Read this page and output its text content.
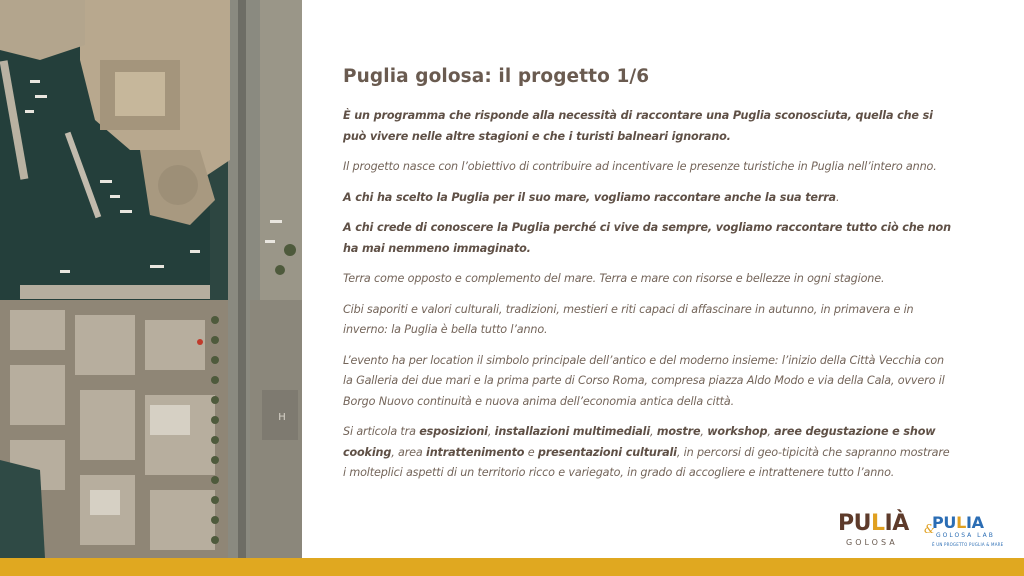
H
Puglia golosa: il progetto 1/6

È un programma che risponde alla necessità di raccontare una Puglia sconosciuta, quella che si può vivere nelle altre stagioni e che i turisti balneari ignorano.

Il progetto nasce con l’obiettivo di contribuire ad incentivare le presenze turistiche in Puglia nell’intero anno.

A chi ha scelto la Puglia per il suo mare, vogliamo raccontare anche la sua terra.

A chi crede di conoscere la Puglia perché ci vive da sempre, vogliamo raccontare tutto ciò che non ha mai nemmeno immaginato.

Terra come opposto e complemento del mare. Terra e mare con risorse e bellezze in ogni stagione.

Cibi saporiti e valori culturali, tradizioni, mestieri e riti capaci di affascinare in autunno, in primavera e in inverno: la Puglia è bella tutto l’anno.

L’evento ha per location il simbolo principale dell’antico e del moderno insieme: l’inizio della Città Vecchia con la Galleria dei due mari e la prima parte di Corso Roma, compresa piazza Aldo Modo e via della Cala, ovvero il Borgo Nuovo continuità e nuova anima dell’economia antica della città.

Si articola tra esposizioni, installazioni multimediali, mostre, workshop, aree degustazione e show cooking, area intrattenimento e presentazioni culturali, in percorsi di geo-tipicità che sapranno mostrare i molteplici aspetti di un territorio ricco e variegato, in grado di accogliere e intrattenere tutto l’anno.

PULIÀ
GOLOSA
&
PULIA
GOLOSA LAB
È UN PROGETTO PUGLIA & MARE
